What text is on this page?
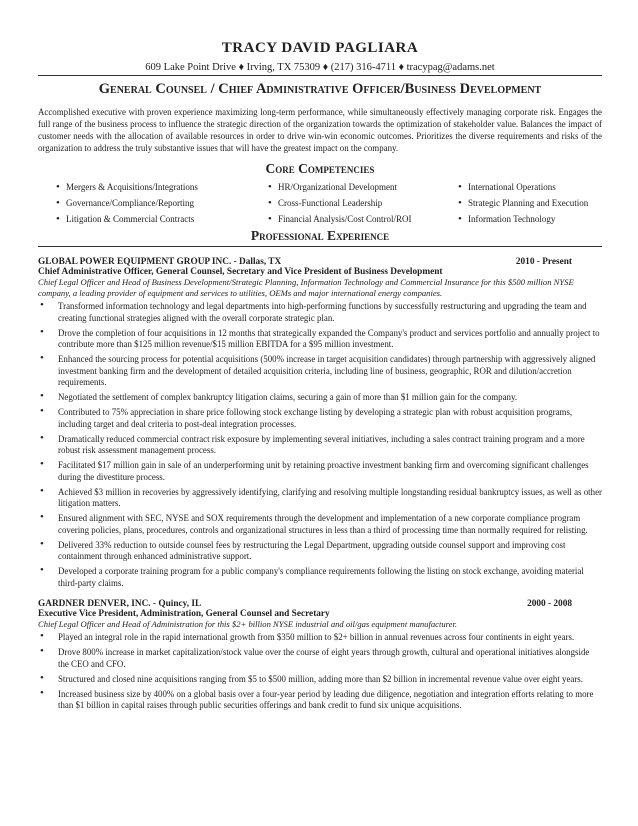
TRACY DAVID PAGLIARA
609 Lake Point Drive ♦ Irving, TX 75309 ♦ (217) 316-4711 ♦ tracypag@adams.net
General Counsel / Chief Administrative Officer/Business Development

Accomplished executive with proven experience maximizing long-term performance, while simultaneously effectively managing corporate risk. Engages the full range of the business process to influence the strategic direction of the organization towards the optimization of stakeholder value. Balances the impact of customer needs with the allocation of available resources in order to drive win-win economic outcomes. Prioritizes the diverse requirements and risks of the organization to address the truly substantive issues that will have the greatest impact on the company.

Core Competencies
• Mergers & Acquisitions/Integrations	• HR/Organizational Development	• International Operations
• Governance/Compliance/Reporting	• Cross-Functional Leadership	• Strategic Planning and Execution
• Litigation & Commercial Contracts	• Financial Analysis/Cost Control/ROI	• Information Technology
Professional Experience
GLOBAL POWER EQUIPMENT GROUP INC. - Dallas, TX	2010 - Present
Chief Administrative Officer, General Counsel, Secretary and Vice President of Business Development
Chief Legal Officer and Head of Business Development/Strategic Planning, Information Technology and Commercial Insurance for this $500 million NYSE company, a leading provider of equipment and services to utilities, OEMs and major international energy companies.
• Transformed information technology and legal departments into high-performing functions by successfully restructuring and upgrading the team and creating functional strategies aligned with the overall corporate strategic plan.
• Drove the completion of four acquisitions in 12 months that strategically expanded the Company's product and services portfolio and annually project to contribute more than $125 million revenue/$15 million EBITDA for a $95 million investment.
• Enhanced the sourcing process for potential acquisitions (500% increase in target acquisition candidates) through partnership with aggressively aligned investment banking firm and the development of detailed acquisition criteria, including line of business, geographic, ROR and dilution/accretion requirements.
• Negotiated the settlement of complex bankruptcy litigation claims, securing a gain of more than $1 million gain for the company.
• Contributed to 75% appreciation in share price following stock exchange listing by developing a strategic plan with robust acquisition programs, including target and deal criteria to post-deal integration processes.
• Dramatically reduced commercial contract risk exposure by implementing several initiatives, including a sales contract training program and a more robust risk assessment management process.
• Facilitated $17 million gain in sale of an underperforming unit by retaining proactive investment banking firm and overcoming significant challenges during the divestiture process.
• Achieved $3 million in recoveries by aggressively identifying, clarifying and resolving multiple longstanding residual bankruptcy issues, as well as other litigation matters.
• Ensured alignment with SEC, NYSE and SOX requirements through the development and implementation of a new corporate compliance program covering policies, plans, procedures, controls and organizational structures in less than a third of processing time than normally required for relisting.
• Delivered 33% reduction to outside counsel fees by restructuring the Legal Department, upgrading outside counsel support and improving cost containment through enhanced administrative support.
• Developed a corporate training program for a public company's compliance requirements following the listing on stock exchange, avoiding material third-party claims.
GARDNER DENVER, INC. - Quincy, IL	2000 - 2008
Executive Vice President, Administration, General Counsel and Secretary
Chief Legal Officer and Head of Administration for this $2+ billion NYSE industrial and oil/gas equipment manufacturer.
• Played an integral role in the rapid international growth from $350 million to $2+ billion in annual revenues across four continents in eight years.
• Drove 800% increase in market capitalization/stock value over the course of eight years through growth, cultural and operational initiatives alongside the CEO and CFO.
• Structured and closed nine acquisitions ranging from $5 to $500 million, adding more than $2 billion in incremental revenue value over eight years.
• Increased business size by 400% on a global basis over a four-year period by leading due diligence, negotiation and integration efforts relating to more than $1 billion in capital raises through public securities offerings and bank credit to fund six unique acquisitions.
